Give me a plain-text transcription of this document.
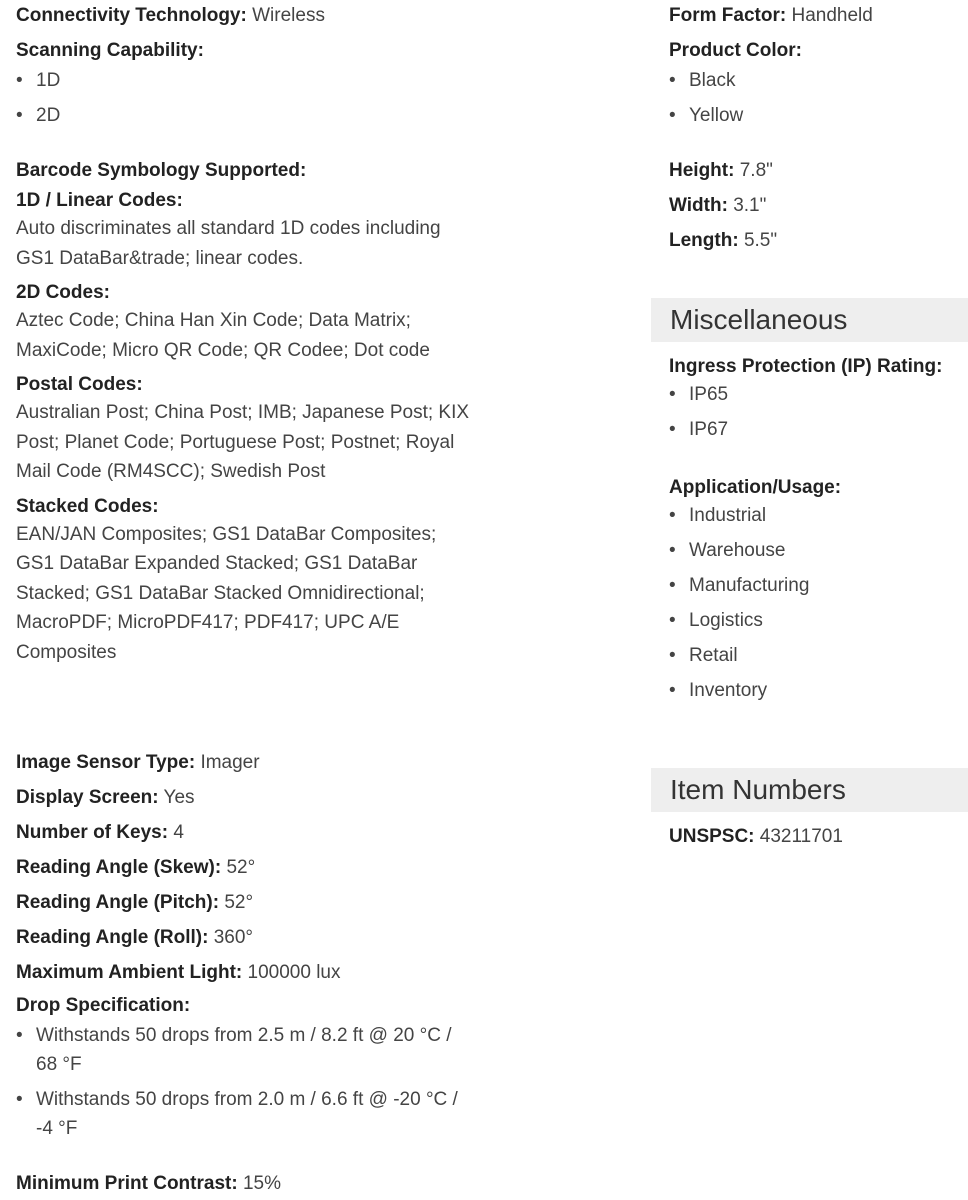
Connectivity Technology: Wireless
Scanning Capability:
• 1D
• 2D
Barcode Symbology Supported:
1D / Linear Codes:
Auto discriminates all standard 1D codes including GS1 DataBar&trade; linear codes.
2D Codes:
Aztec Code; China Han Xin Code; Data Matrix; MaxiCode; Micro QR Code; QR Codee; Dot code
Postal Codes:
Australian Post; China Post; IMB; Japanese Post; KIX Post; Planet Code; Portuguese Post; Postnet; Royal Mail Code (RM4SCC); Swedish Post
Stacked Codes:
EAN/JAN Composites; GS1 DataBar Composites; GS1 DataBar Expanded Stacked; GS1 DataBar Stacked; GS1 DataBar Stacked Omnidirectional; MacroPDF; MicroPDF417; PDF417; UPC A/E Composites
Image Sensor Type: Imager
Display Screen: Yes
Number of Keys: 4
Reading Angle (Skew): 52°
Reading Angle (Pitch): 52°
Reading Angle (Roll): 360°
Maximum Ambient Light: 100000 lux
Drop Specification:
• Withstands 50 drops from 2.5 m / 8.2 ft @ 20 °C / 68 °F
• Withstands 50 drops from 2.0 m / 6.6 ft @ -20 °C / -4 °F
Minimum Print Contrast: 15%
Form Factor: Handheld
Product Color:
• Black
• Yellow
Height: 7.8"
Width: 3.1"
Length: 5.5"
Miscellaneous
Ingress Protection (IP) Rating:
• IP65
• IP67
Application/Usage:
• Industrial
• Warehouse
• Manufacturing
• Logistics
• Retail
• Inventory
Item Numbers
UNSPSC: 43211701
